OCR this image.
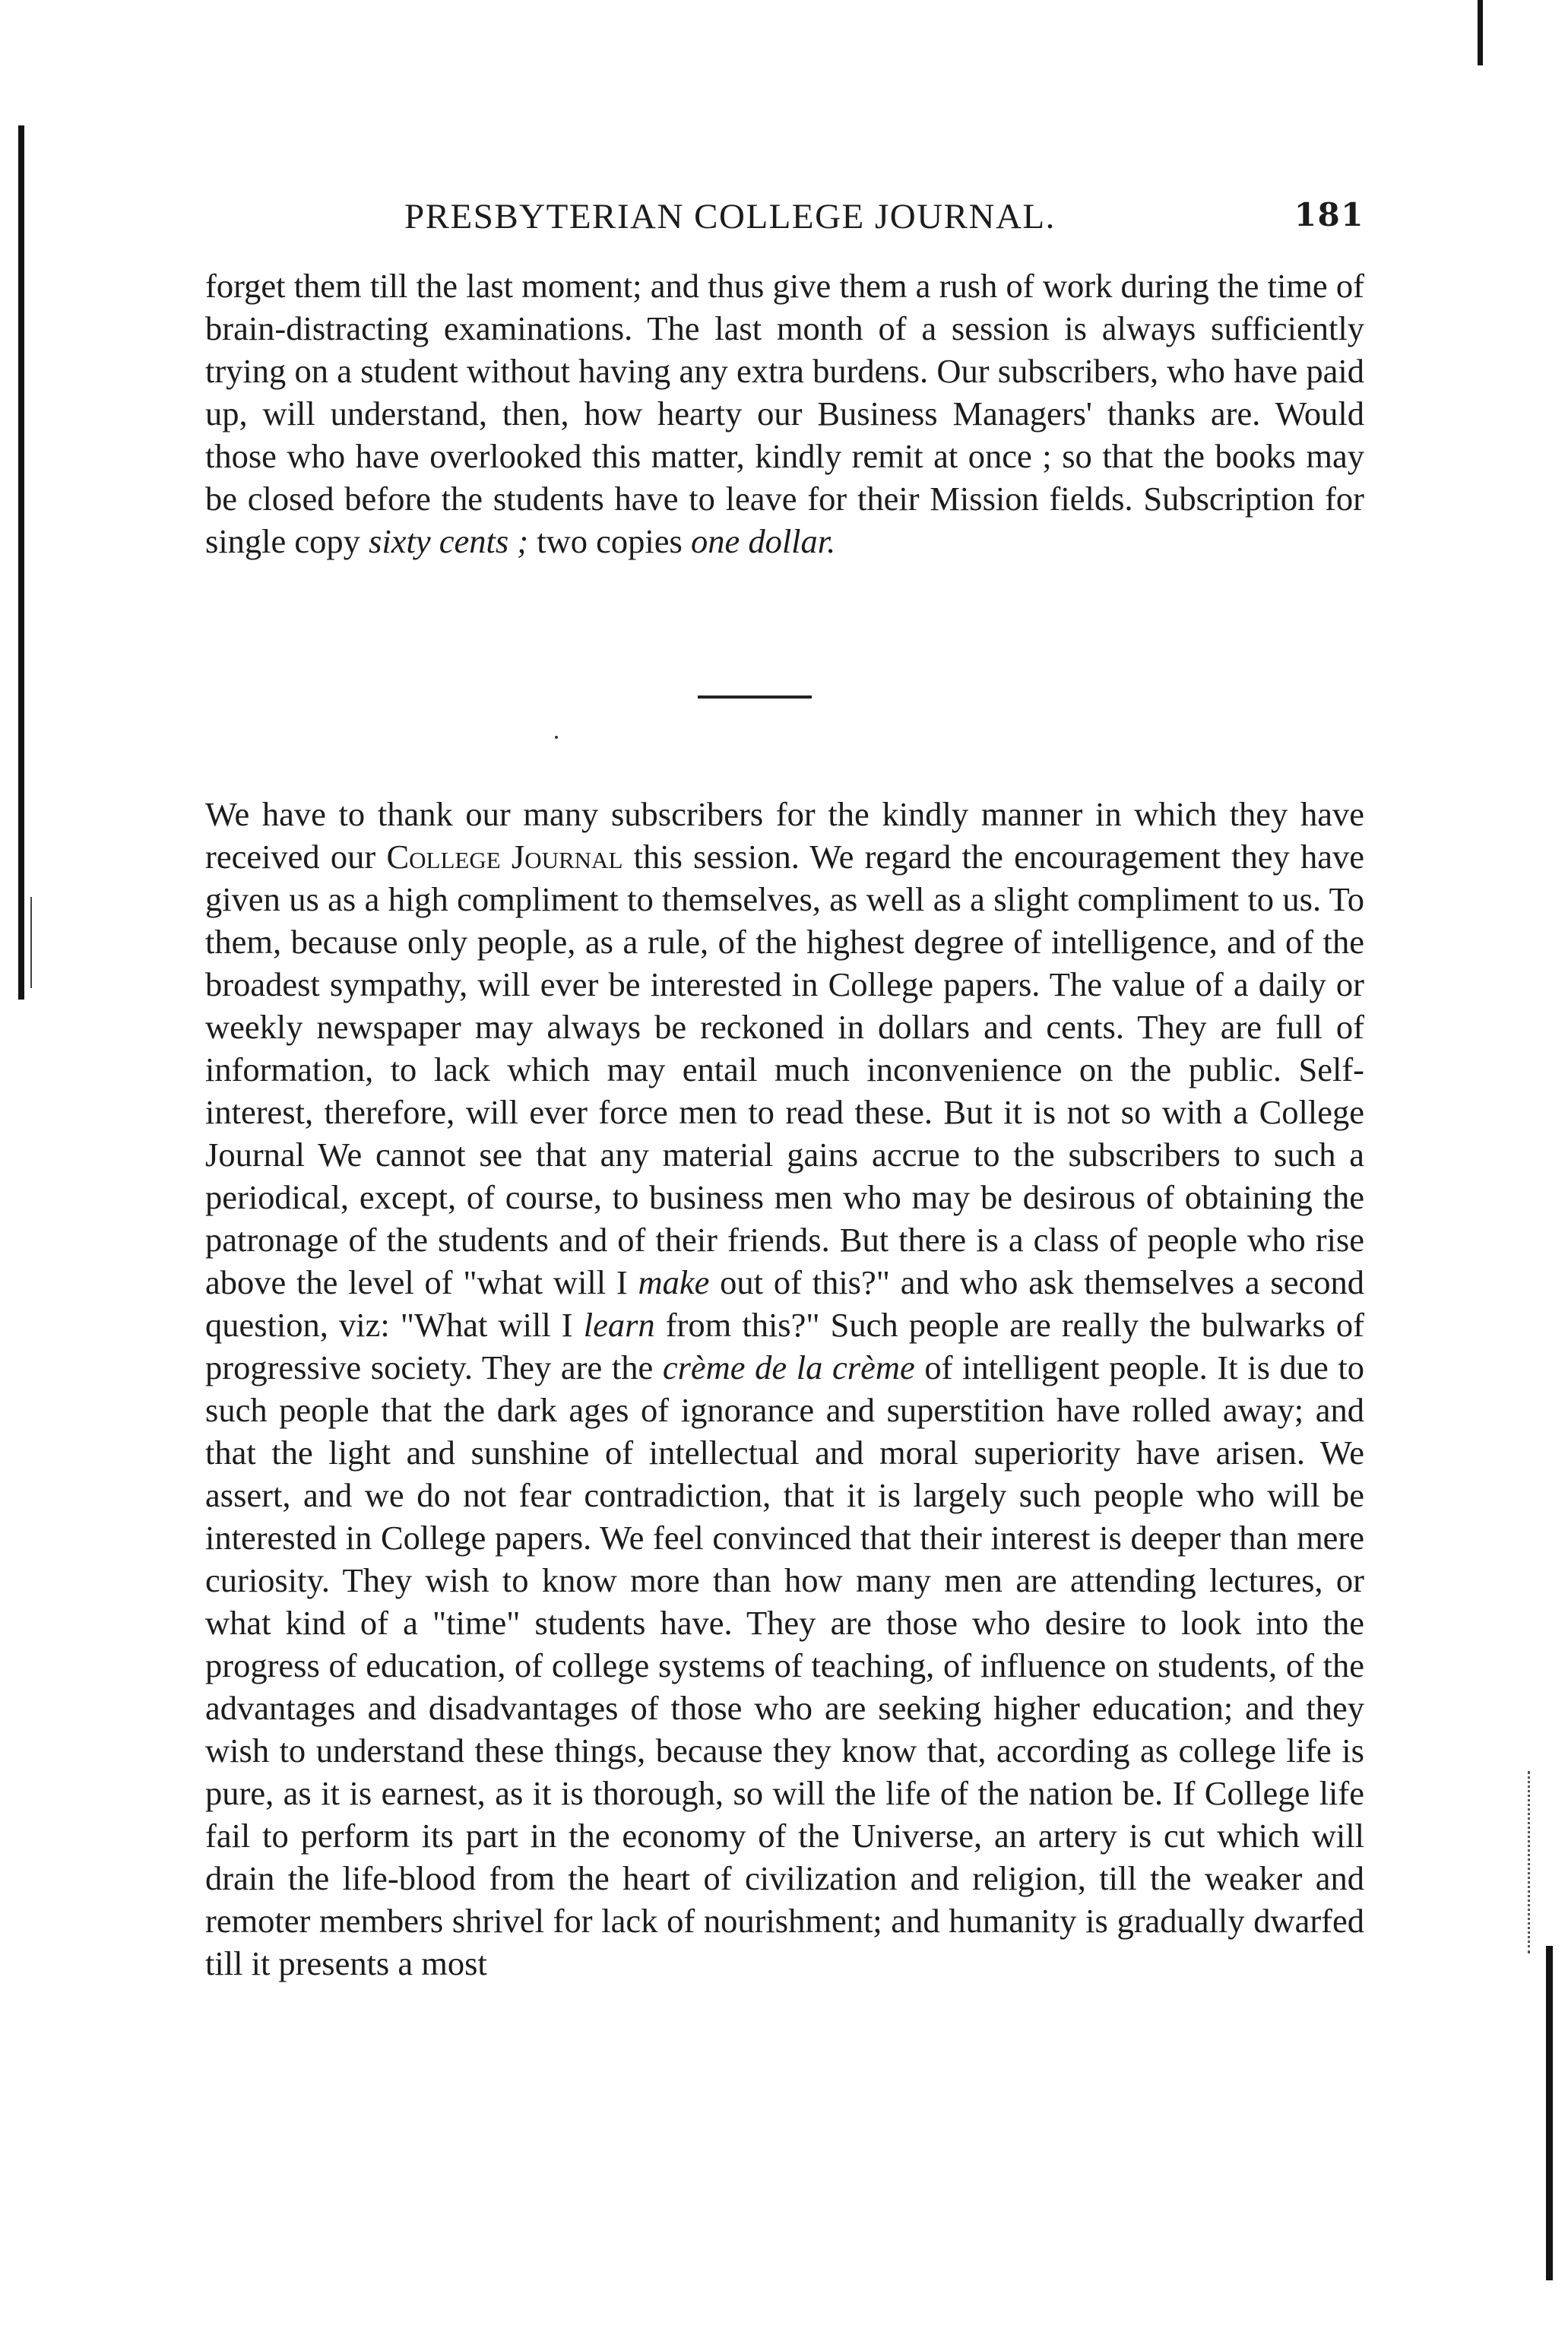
PRESBYTERIAN COLLEGE JOURNAL.	181
forget them till the last moment; and thus give them a rush of work during the time of brain-distracting examinations. The last month of a session is always sufficiently trying on a student without having any extra burdens. Our subscribers, who have paid up, will understand, then, how hearty our Business Managers' thanks are. Would those who have overlooked this matter, kindly remit at once ; so that the books may be closed before the students have to leave for their Mission fields. Subscription for single copy sixty cents ; two copies one dollar.
We have to thank our many subscribers for the kindly manner in which they have received our College Journal this session. We regard the encouragement they have given us as a high compliment to themselves, as well as a slight compliment to us. To them, because only people, as a rule, of the highest degree of intelligence, and of the broadest sympathy, will ever be interested in College papers. The value of a daily or weekly newspaper may always be reckoned in dollars and cents. They are full of information, to lack which may entail much inconvenience on the public. Self-interest, therefore, will ever force men to read these. But it is not so with a College Journal We cannot see that any material gains accrue to the subscribers to such a periodical, except, of course, to business men who may be desirous of obtaining the patronage of the students and of their friends. But there is a class of people who rise above the level of "what will I make out of this?" and who ask themselves a second question, viz: "What will I learn from this?" Such people are really the bulwarks of progressive society. They are the crème de la crème of intelligent people. It is due to such people that the dark ages of ignorance and superstition have rolled away; and that the light and sunshine of intellectual and moral superiority have arisen. We assert, and we do not fear contradiction, that it is largely such people who will be interested in College papers. We feel convinced that their interest is deeper than mere curiosity. They wish to know more than how many men are attending lectures, or what kind of a "time" students have. They are those who desire to look into the progress of education, of college systems of teaching, of influence on students, of the advantages and disadvantages of those who are seeking higher education; and they wish to understand these things, because they know that, according as college life is pure, as it is earnest, as it is thorough, so will the life of the nation be. If College life fail to perform its part in the economy of the Universe, an artery is cut which will drain the life-blood from the heart of civilization and religion, till the weaker and remoter members shrivel for lack of nourishment; and humanity is gradually dwarfed till it presents a most
